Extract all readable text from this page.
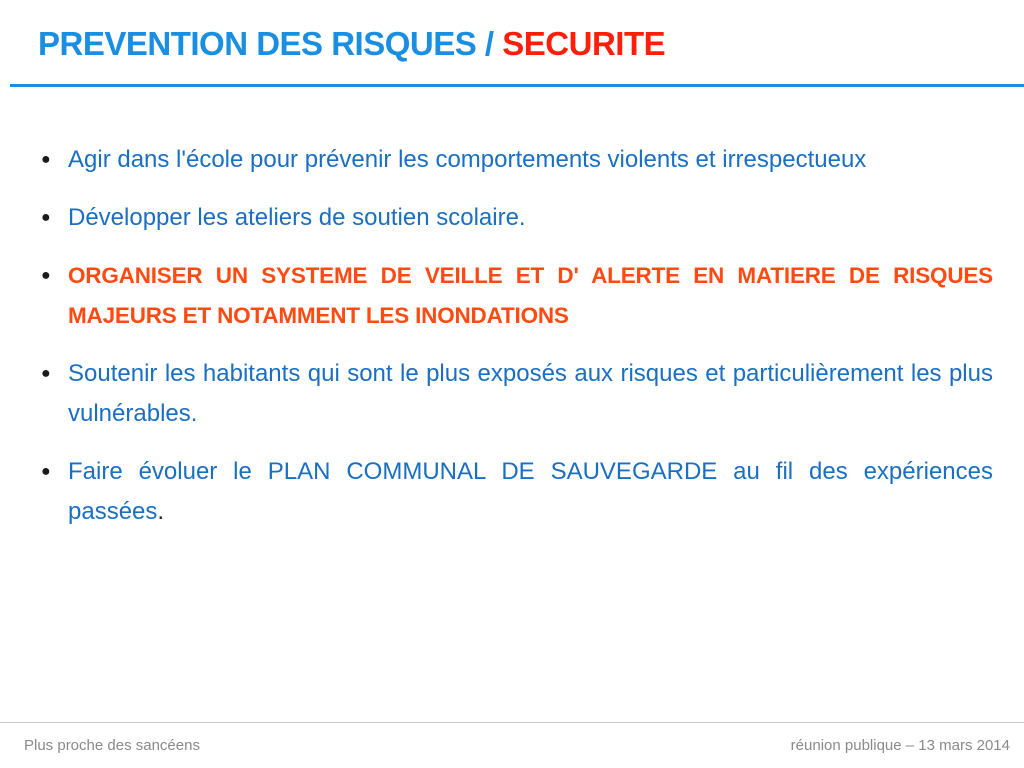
PREVENTION DES RISQUES / SECURITE
● Agir dans l'école pour prévenir les comportements violents et irrespectueux
● Développer les ateliers de soutien scolaire.
● ORGANISER UN SYSTEME DE VEILLE ET D' ALERTE EN MATIERE DE RISQUES MAJEURS ET NOTAMMENT LES INONDATIONS
● Soutenir les habitants qui sont le plus exposés aux risques et particulièrement les plus vulnérables.
● Faire évoluer le PLAN COMMUNAL DE SAUVEGARDE au fil des expériences passées.
Plus proche des sancéens	réunion publique – 13 mars 2014
